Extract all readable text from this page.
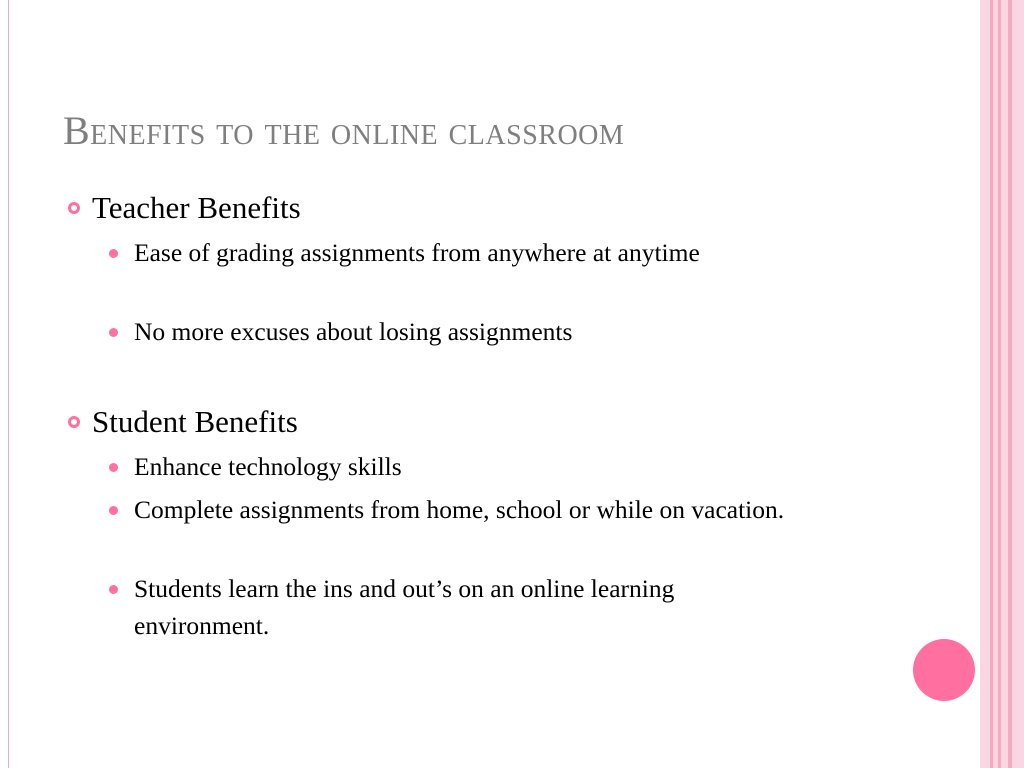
Benefits to the online classroom

Teacher Benefits

Ease of grading assignments from anywhere at anytime

No more excuses about losing assignments

Student Benefits

Enhance technology skills

Complete assignments from home, school or while on vacation.

Students learn the ins and out’s on an online learning environment.
